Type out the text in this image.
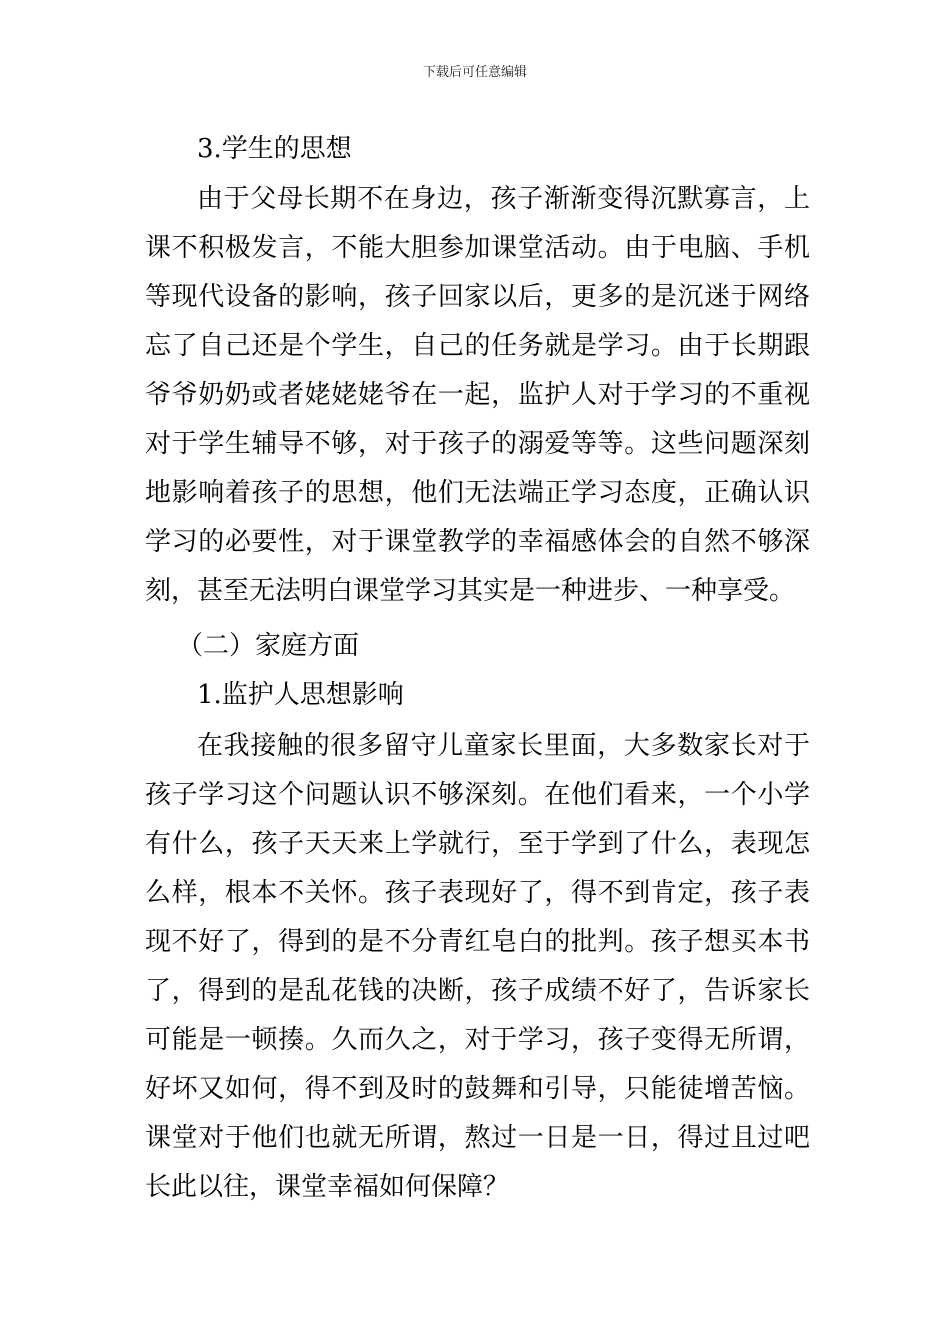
下载后可任意编辑
3.学生的思想
由于父母长期不在身边，孩子渐渐变得沉默寡言，上
课不积极发言，不能大胆参加课堂活动。由于电脑、手机
等现代设备的影响，孩子回家以后，更多的是沉迷于网络
忘了自己还是个学生，自己的任务就是学习。由于长期跟
爷爷奶奶或者姥姥姥爷在一起，监护人对于学习的不重视
对于学生辅导不够，对于孩子的溺爱等等。这些问题深刻
地影响着孩子的思想，他们无法端正学习态度，正确认识
学习的必要性，对于课堂教学的幸福感体会的自然不够深
刻，甚至无法明白课堂学习其实是一种进步、一种享受。
（二）家庭方面
1.监护人思想影响
在我接触的很多留守儿童家长里面，大多数家长对于
孩子学习这个问题认识不够深刻。在他们看来，一个小学
有什么，孩子天天来上学就行，至于学到了什么，表现怎
么样，根本不关怀。孩子表现好了，得不到肯定，孩子表
现不好了，得到的是不分青红皂白的批判。孩子想买本书
了，得到的是乱花钱的决断，孩子成绩不好了，告诉家长
可能是一顿揍。久而久之，对于学习，孩子变得无所谓，
好坏又如何，得不到及时的鼓舞和引导，只能徒增苦恼。
课堂对于他们也就无所谓，熬过一日是一日，得过且过吧
长此以往，课堂幸福如何保障？
